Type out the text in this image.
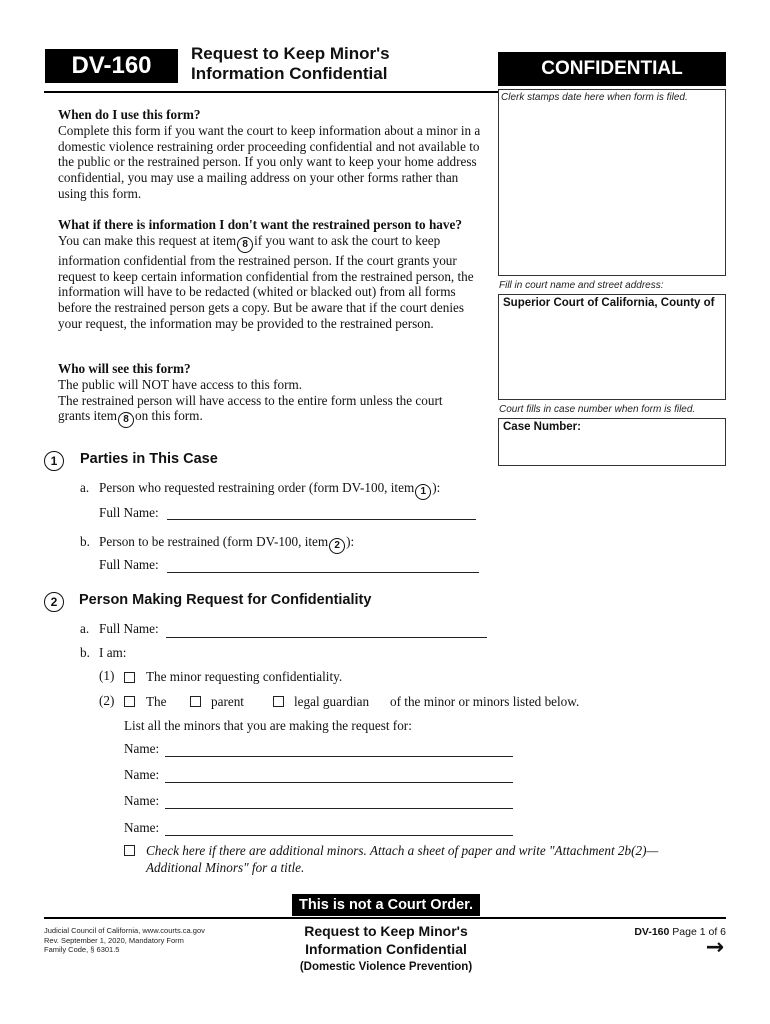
DV-160	Request to Keep Minor's
Information Confidential	CONFIDENTIAL
Clerk stamps date here when form is filed.
Fill in court name and street address:
Superior Court of California, County of
Court fills in case number when form is filed.
Case Number:
When do I use this form?

Complete this form if you want the court to keep information about a minor in a domestic violence restraining order proceeding confidential and not available to the public or the restrained person. If you only want to keep your home address confidential, you may use a mailing address on your other forms rather than using this form.

What if there is information I don't want the restrained person to have?

You can make this request at item 8 if you want to ask the court to keep information confidential from the restrained person. If the court grants your request to keep certain information confidential from the restrained person, the information will have to be redacted (whited or blacked out) from all forms before the restrained person gets a copy. But be aware that if the court denies your request, the information may be provided to the restrained person.

Who will see this form?

The public will NOT have access to this form.

The restrained person will have access to the entire form unless the court

grants item 8 on this form.

1	Parties in This Case
a. Person who requested restraining order (form DV-100, item 1 ):
Full Name:
b. Person to be restrained (form DV-100, item 2 ):
Full Name:
2	Person Making Request for Confidentiality
a. Full Name:
b. I am:
(1) The minor requesting confidentiality.
(2) The	parent	legal guardian of the minor or minors listed below.
List all the minors that you are making the request for:
Name:
Name:
Name:
Name:
Check here if there are additional minors. Attach a sheet of paper and write "Attachment 2b(2)—
Additional Minors" for a title.
This is not a Court Order.
Judicial Council of California, www.courts.ca.gov
Rev. September 1, 2020, Mandatory Form
Family Code, § 6301.5
Request to Keep Minor's
Information Confidential
(Domestic Violence Prevention)
DV-160 Page 1 of 6
→
